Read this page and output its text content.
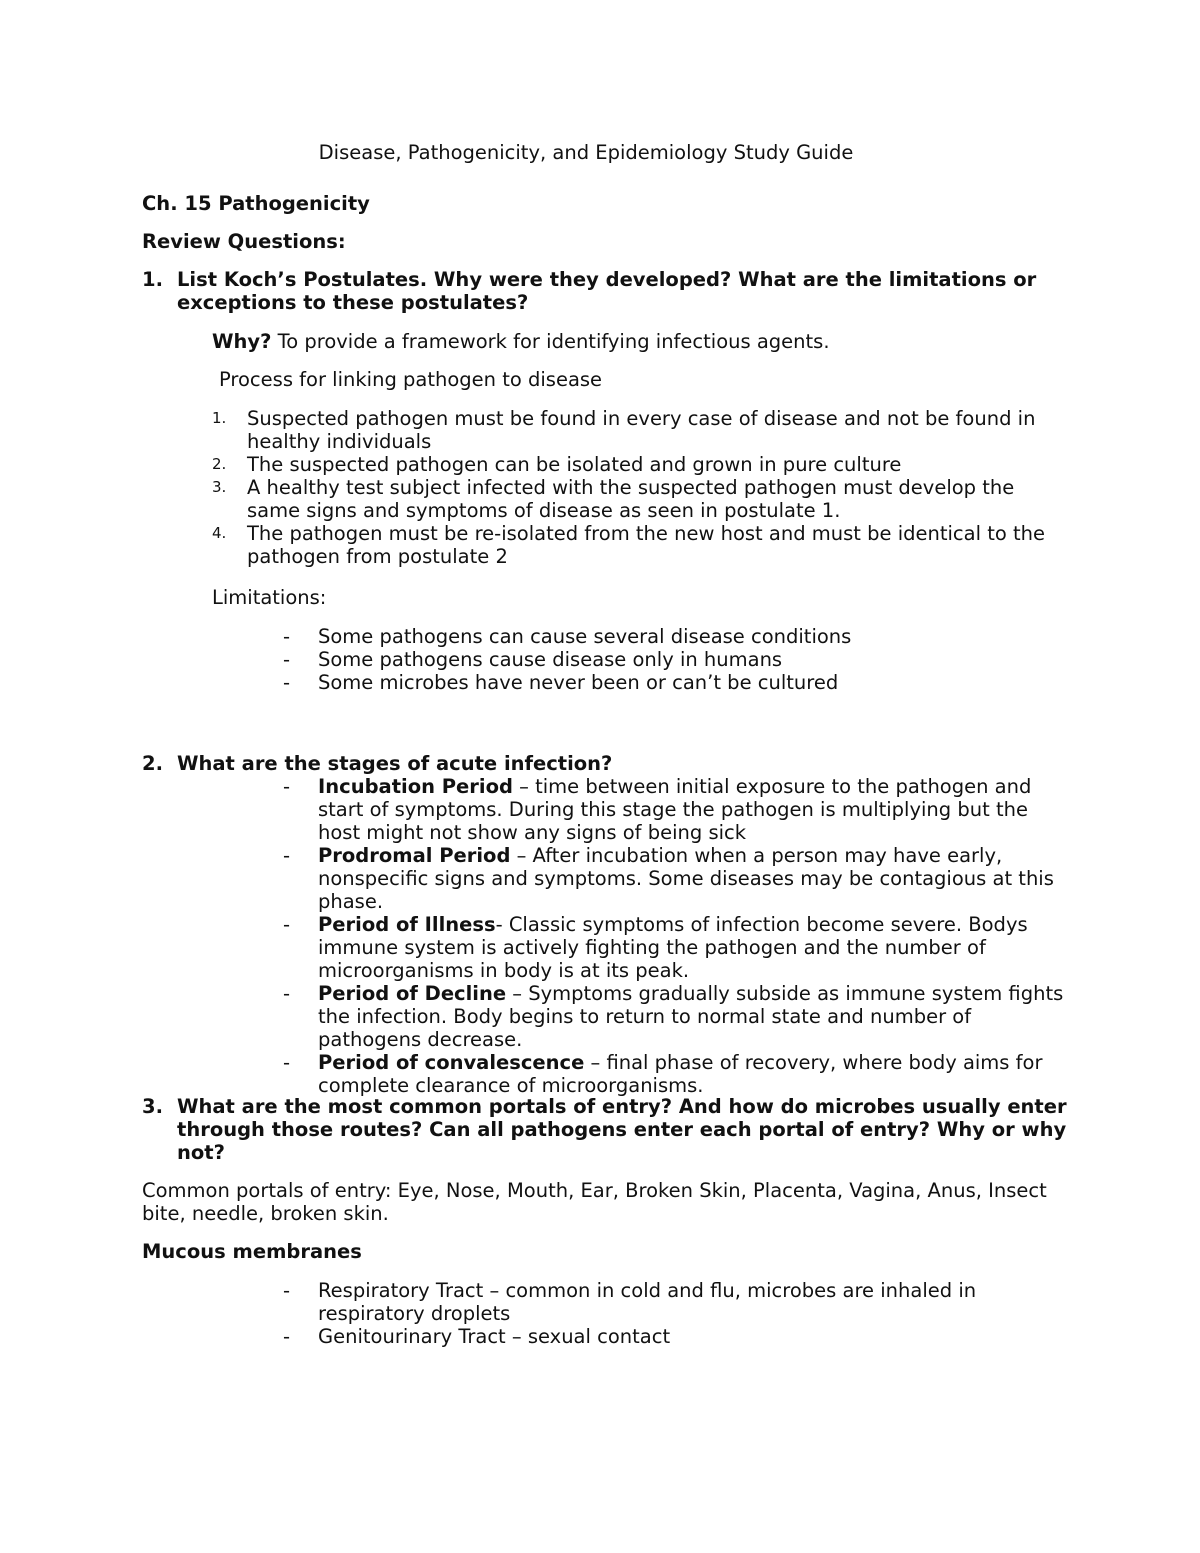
Disease, Pathogenicity, and Epidemiology Study Guide
Ch. 15 Pathogenicity
Review Questions:
1. List Koch’s Postulates. Why were they developed? What are the limitations or exceptions to these postulates?
Why? To provide a framework for identifying infectious agents.
Process for linking pathogen to disease
1. Suspected pathogen must be found in every case of disease and not be found in healthy individuals
2. The suspected pathogen can be isolated and grown in pure culture
3. A healthy test subject infected with the suspected pathogen must develop the same signs and symptoms of disease as seen in postulate 1.
4. The pathogen must be re-isolated from the new host and must be identical to the pathogen from postulate 2
Limitations:
- Some pathogens can cause several disease conditions
- Some pathogens cause disease only in humans
- Some microbes have never been or can’t be cultured
2. What are the stages of acute infection?
- Incubation Period – time between initial exposure to the pathogen and start of symptoms. During this stage the pathogen is multiplying but the host might not show any signs of being sick
- Prodromal Period – After incubation when a person may have early, nonspecific signs and symptoms. Some diseases may be contagious at this phase.
- Period of Illness- Classic symptoms of infection become severe. Bodys immune system is actively fighting the pathogen and the number of microorganisms in body is at its peak.
- Period of Decline – Symptoms gradually subside as immune system fights the infection. Body begins to return to normal state and number of pathogens decrease.
- Period of convalescence – final phase of recovery, where body aims for complete clearance of microorganisms.
3. What are the most common portals of entry? And how do microbes usually enter through those routes? Can all pathogens enter each portal of entry? Why or why not?
Common portals of entry: Eye, Nose, Mouth, Ear, Broken Skin, Placenta, Vagina, Anus, Insect bite, needle, broken skin.
Mucous membranes
- Respiratory Tract – common in cold and flu, microbes are inhaled in respiratory droplets
- Genitourinary Tract – sexual contact
